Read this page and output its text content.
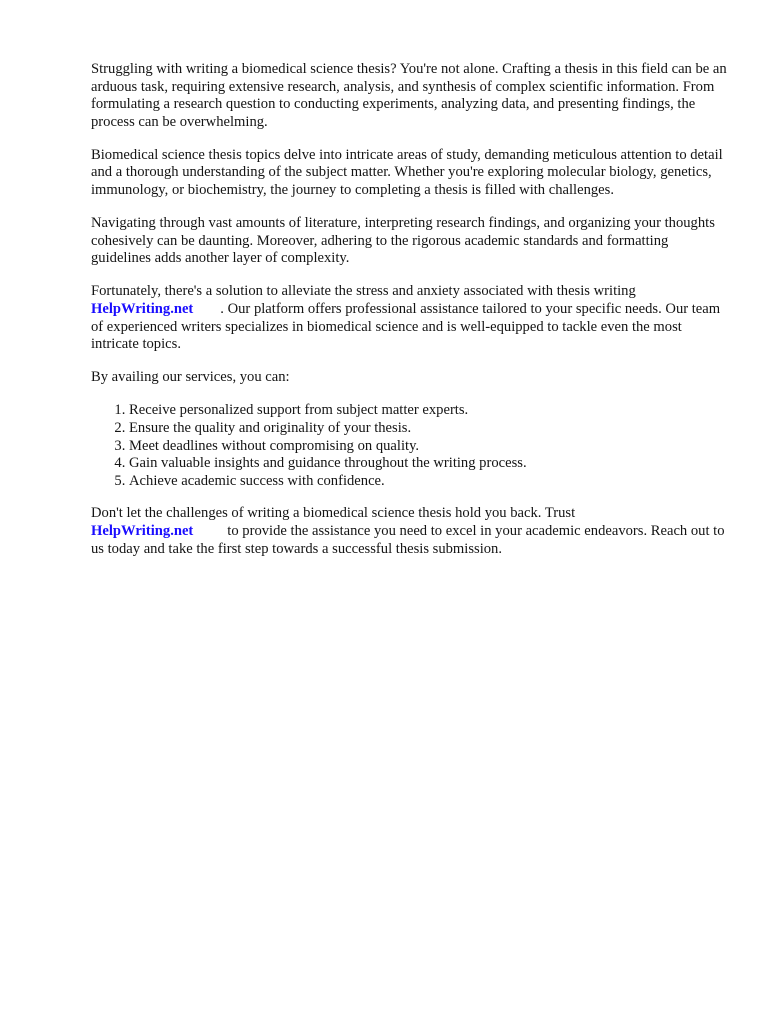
Struggling with writing a biomedical science thesis? You're not alone. Crafting a thesis in this field can be an arduous task, requiring extensive research, analysis, and synthesis of complex scientific information. From formulating a research question to conducting experiments, analyzing data, and presenting findings, the process can be overwhelming.

Biomedical science thesis topics delve into intricate areas of study, demanding meticulous attention to detail and a thorough understanding of the subject matter. Whether you're exploring molecular biology, genetics, immunology, or biochemistry, the journey to completing a thesis is filled with challenges.

Navigating through vast amounts of literature, interpreting research findings, and organizing your thoughts cohesively can be daunting. Moreover, adhering to the rigorous academic standards and formatting guidelines adds another layer of complexity.

Fortunately, there's a solution to alleviate the stress and anxiety associated with thesis writing
HelpWriting.net . Our platform offers professional assistance tailored to your specific needs. Our team of experienced writers specializes in biomedical science and is well-equipped to tackle even the most intricate topics.

By availing our services, you can:

1. Receive personalized support from subject matter experts.
2. Ensure the quality and originality of your thesis.
3. Meet deadlines without compromising on quality.
4. Gain valuable insights and guidance throughout the writing process.
5. Achieve academic success with confidence.

Don't let the challenges of writing a biomedical science thesis hold you back. Trust
HelpWriting.net to provide the assistance you need to excel in your academic endeavors. Reach out to us today and take the first step towards a successful thesis submission.
